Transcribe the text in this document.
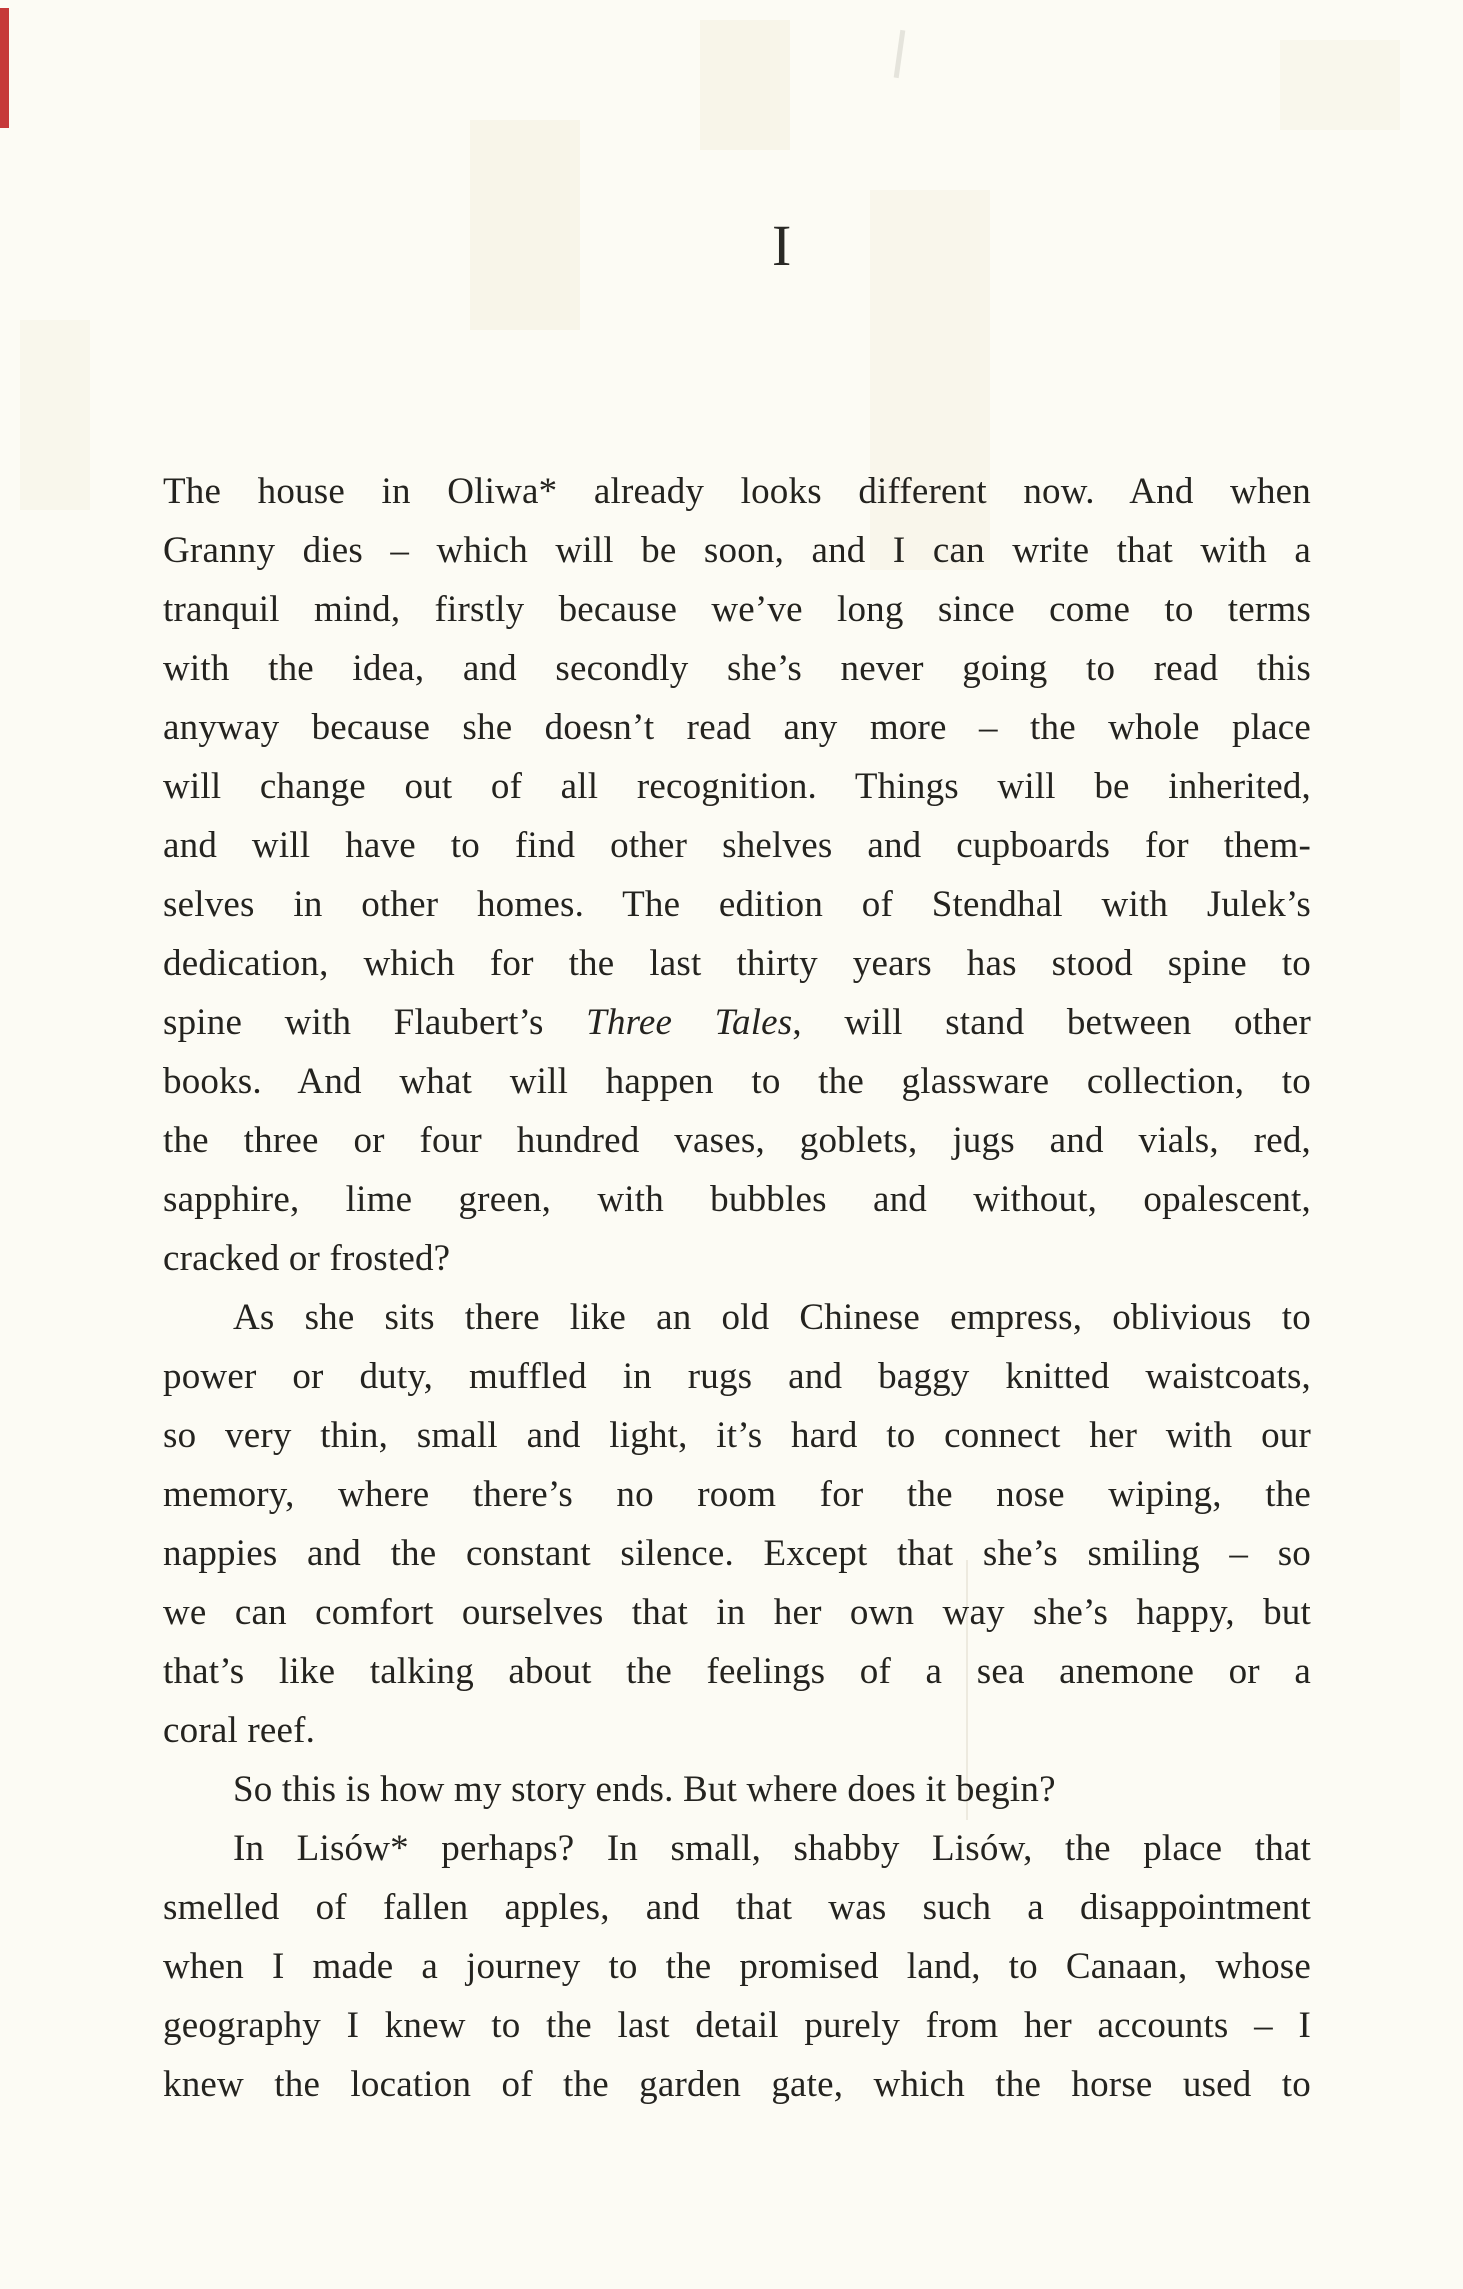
I
The house in Oliwa* already looks different now. And when
Granny dies – which will be soon, and I can write that with a
tranquil mind, firstly because we’ve long since come to terms
with the idea, and secondly she’s never going to read this
anyway because she doesn’t read any more – the whole place
will change out of all recognition. Things will be inherited,
and will have to find other shelves and cupboards for them-
selves in other homes. The edition of Stendhal with Julek’s
dedication, which for the last thirty years has stood spine to
spine with Flaubert’s Three Tales, will stand between other
books. And what will happen to the glassware collection, to
the three or four hundred vases, goblets, jugs and vials, red,
sapphire, lime green, with bubbles and without, opalescent,
cracked or frosted?
As she sits there like an old Chinese empress, oblivious to
power or duty, muffled in rugs and baggy knitted waistcoats,
so very thin, small and light, it’s hard to connect her with our
memory, where there’s no room for the nose wiping, the
nappies and the constant silence. Except that she’s smiling – so
we can comfort ourselves that in her own way she’s happy, but
that’s like talking about the feelings of a sea anemone or a
coral reef.
So this is how my story ends. But where does it begin?
In Lisów* perhaps? In small, shabby Lisów, the place that
smelled of fallen apples, and that was such a disappointment
when I made a journey to the promised land, to Canaan, whose
geography I knew to the last detail purely from her accounts – I
knew the location of the garden gate, which the horse used to
